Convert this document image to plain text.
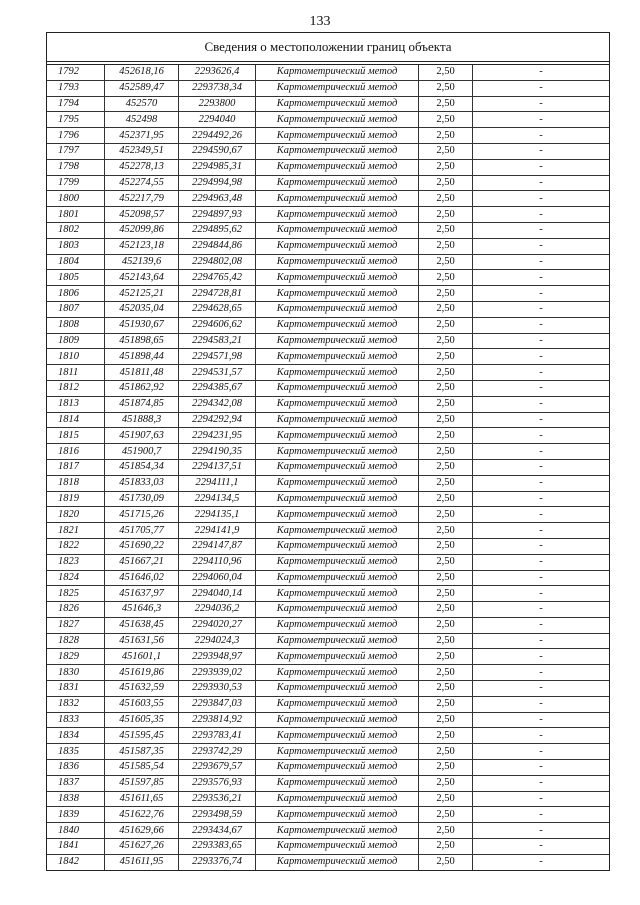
133
Сведения о местоположении границ объекта
1792	452618,16	2293626,4	Картометрический метод	2,50	-
1793	452589,47	2293738,34	Картометрический метод	2,50	-
1794	452570	2293800	Картометрический метод	2,50	-
1795	452498	2294040	Картометрический метод	2,50	-
1796	452371,95	2294492,26	Картометрический метод	2,50	-
1797	452349,51	2294590,67	Картометрический метод	2,50	-
1798	452278,13	2294985,31	Картометрический метод	2,50	-
1799	452274,55	2294994,98	Картометрический метод	2,50	-
1800	452217,79	2294963,48	Картометрический метод	2,50	-
1801	452098,57	2294897,93	Картометрический метод	2,50	-
1802	452099,86	2294895,62	Картометрический метод	2,50	-
1803	452123,18	2294844,86	Картометрический метод	2,50	-
1804	452139,6	2294802,08	Картометрический метод	2,50	-
1805	452143,64	2294765,42	Картометрический метод	2,50	-
1806	452125,21	2294728,81	Картометрический метод	2,50	-
1807	452035,04	2294628,65	Картометрический метод	2,50	-
1808	451930,67	2294606,62	Картометрический метод	2,50	-
1809	451898,65	2294583,21	Картометрический метод	2,50	-
1810	451898,44	2294571,98	Картометрический метод	2,50	-
1811	451811,48	2294531,57	Картометрический метод	2,50	-
1812	451862,92	2294385,67	Картометрический метод	2,50	-
1813	451874,85	2294342,08	Картометрический метод	2,50	-
1814	451888,3	2294292,94	Картометрический метод	2,50	-
1815	451907,63	2294231,95	Картометрический метод	2,50	-
1816	451900,7	2294190,35	Картометрический метод	2,50	-
1817	451854,34	2294137,51	Картометрический метод	2,50	-
1818	451833,03	2294111,1	Картометрический метод	2,50	-
1819	451730,09	2294134,5	Картометрический метод	2,50	-
1820	451715,26	2294135,1	Картометрический метод	2,50	-
1821	451705,77	2294141,9	Картометрический метод	2,50	-
1822	451690,22	2294147,87	Картометрический метод	2,50	-
1823	451667,21	2294110,96	Картометрический метод	2,50	-
1824	451646,02	2294060,04	Картометрический метод	2,50	-
1825	451637,97	2294040,14	Картометрический метод	2,50	-
1826	451646,3	2294036,2	Картометрический метод	2,50	-
1827	451638,45	2294020,27	Картометрический метод	2,50	-
1828	451631,56	2294024,3	Картометрический метод	2,50	-
1829	451601,1	2293948,97	Картометрический метод	2,50	-
1830	451619,86	2293939,02	Картометрический метод	2,50	-
1831	451632,59	2293930,53	Картометрический метод	2,50	-
1832	451603,55	2293847,03	Картометрический метод	2,50	-
1833	451605,35	2293814,92	Картометрический метод	2,50	-
1834	451595,45	2293783,41	Картометрический метод	2,50	-
1835	451587,35	2293742,29	Картометрический метод	2,50	-
1836	451585,54	2293679,57	Картометрический метод	2,50	-
1837	451597,85	2293576,93	Картометрический метод	2,50	-
1838	451611,65	2293536,21	Картометрический метод	2,50	-
1839	451622,76	2293498,59	Картометрический метод	2,50	-
1840	451629,66	2293434,67	Картометрический метод	2,50	-
1841	451627,26	2293383,65	Картометрический метод	2,50	-
1842	451611,95	2293376,74	Картометрический метод	2,50	-
